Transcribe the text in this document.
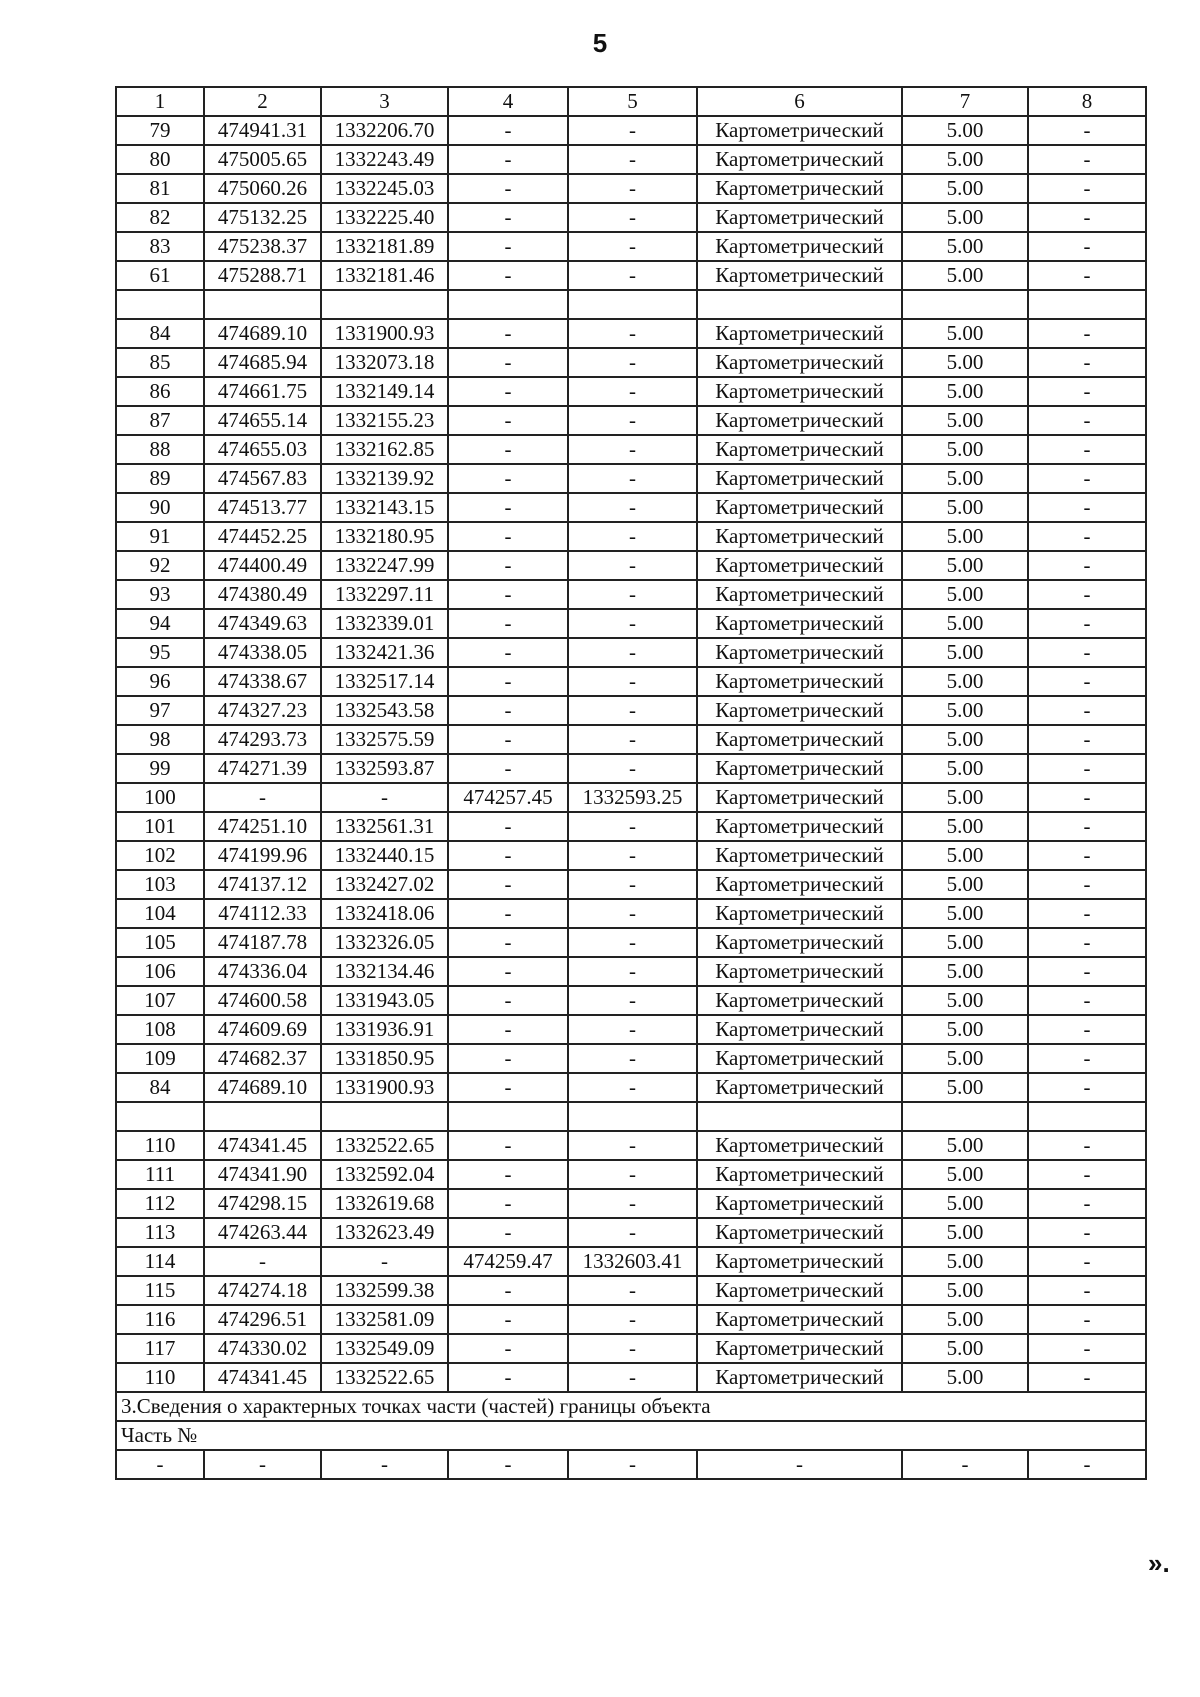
5
1	2	3	4	5	6	7	8
79	474941.31	1332206.70	-	-	Картометрический	5.00	-
80	475005.65	1332243.49	-	-	Картометрический	5.00	-
81	475060.26	1332245.03	-	-	Картометрический	5.00	-
82	475132.25	1332225.40	-	-	Картометрический	5.00	-
83	475238.37	1332181.89	-	-	Картометрический	5.00	-
61	475288.71	1332181.46	-	-	Картометрический	5.00	-

84	474689.10	1331900.93	-	-	Картометрический	5.00	-
85	474685.94	1332073.18	-	-	Картометрический	5.00	-
86	474661.75	1332149.14	-	-	Картометрический	5.00	-
87	474655.14	1332155.23	-	-	Картометрический	5.00	-
88	474655.03	1332162.85	-	-	Картометрический	5.00	-
89	474567.83	1332139.92	-	-	Картометрический	5.00	-
90	474513.77	1332143.15	-	-	Картометрический	5.00	-
91	474452.25	1332180.95	-	-	Картометрический	5.00	-
92	474400.49	1332247.99	-	-	Картометрический	5.00	-
93	474380.49	1332297.11	-	-	Картометрический	5.00	-
94	474349.63	1332339.01	-	-	Картометрический	5.00	-
95	474338.05	1332421.36	-	-	Картометрический	5.00	-
96	474338.67	1332517.14	-	-	Картометрический	5.00	-
97	474327.23	1332543.58	-	-	Картометрический	5.00	-
98	474293.73	1332575.59	-	-	Картометрический	5.00	-
99	474271.39	1332593.87	-	-	Картометрический	5.00	-
100	-	-	474257.45	1332593.25	Картометрический	5.00	-
101	474251.10	1332561.31	-	-	Картометрический	5.00	-
102	474199.96	1332440.15	-	-	Картометрический	5.00	-
103	474137.12	1332427.02	-	-	Картометрический	5.00	-
104	474112.33	1332418.06	-	-	Картометрический	5.00	-
105	474187.78	1332326.05	-	-	Картометрический	5.00	-
106	474336.04	1332134.46	-	-	Картометрический	5.00	-
107	474600.58	1331943.05	-	-	Картометрический	5.00	-
108	474609.69	1331936.91	-	-	Картометрический	5.00	-
109	474682.37	1331850.95	-	-	Картометрический	5.00	-
84	474689.10	1331900.93	-	-	Картометрический	5.00	-

110	474341.45	1332522.65	-	-	Картометрический	5.00	-
111	474341.90	1332592.04	-	-	Картометрический	5.00	-
112	474298.15	1332619.68	-	-	Картометрический	5.00	-
113	474263.44	1332623.49	-	-	Картометрический	5.00	-
114	-	-	474259.47	1332603.41	Картометрический	5.00	-
115	474274.18	1332599.38	-	-	Картометрический	5.00	-
116	474296.51	1332581.09	-	-	Картометрический	5.00	-
117	474330.02	1332549.09	-	-	Картометрический	5.00	-
110	474341.45	1332522.65	-	-	Картометрический	5.00	-
3.Сведения о характерных точках части (частей) границы объекта							
Часть №							
-	-	-	-	-	-	-	-
».
